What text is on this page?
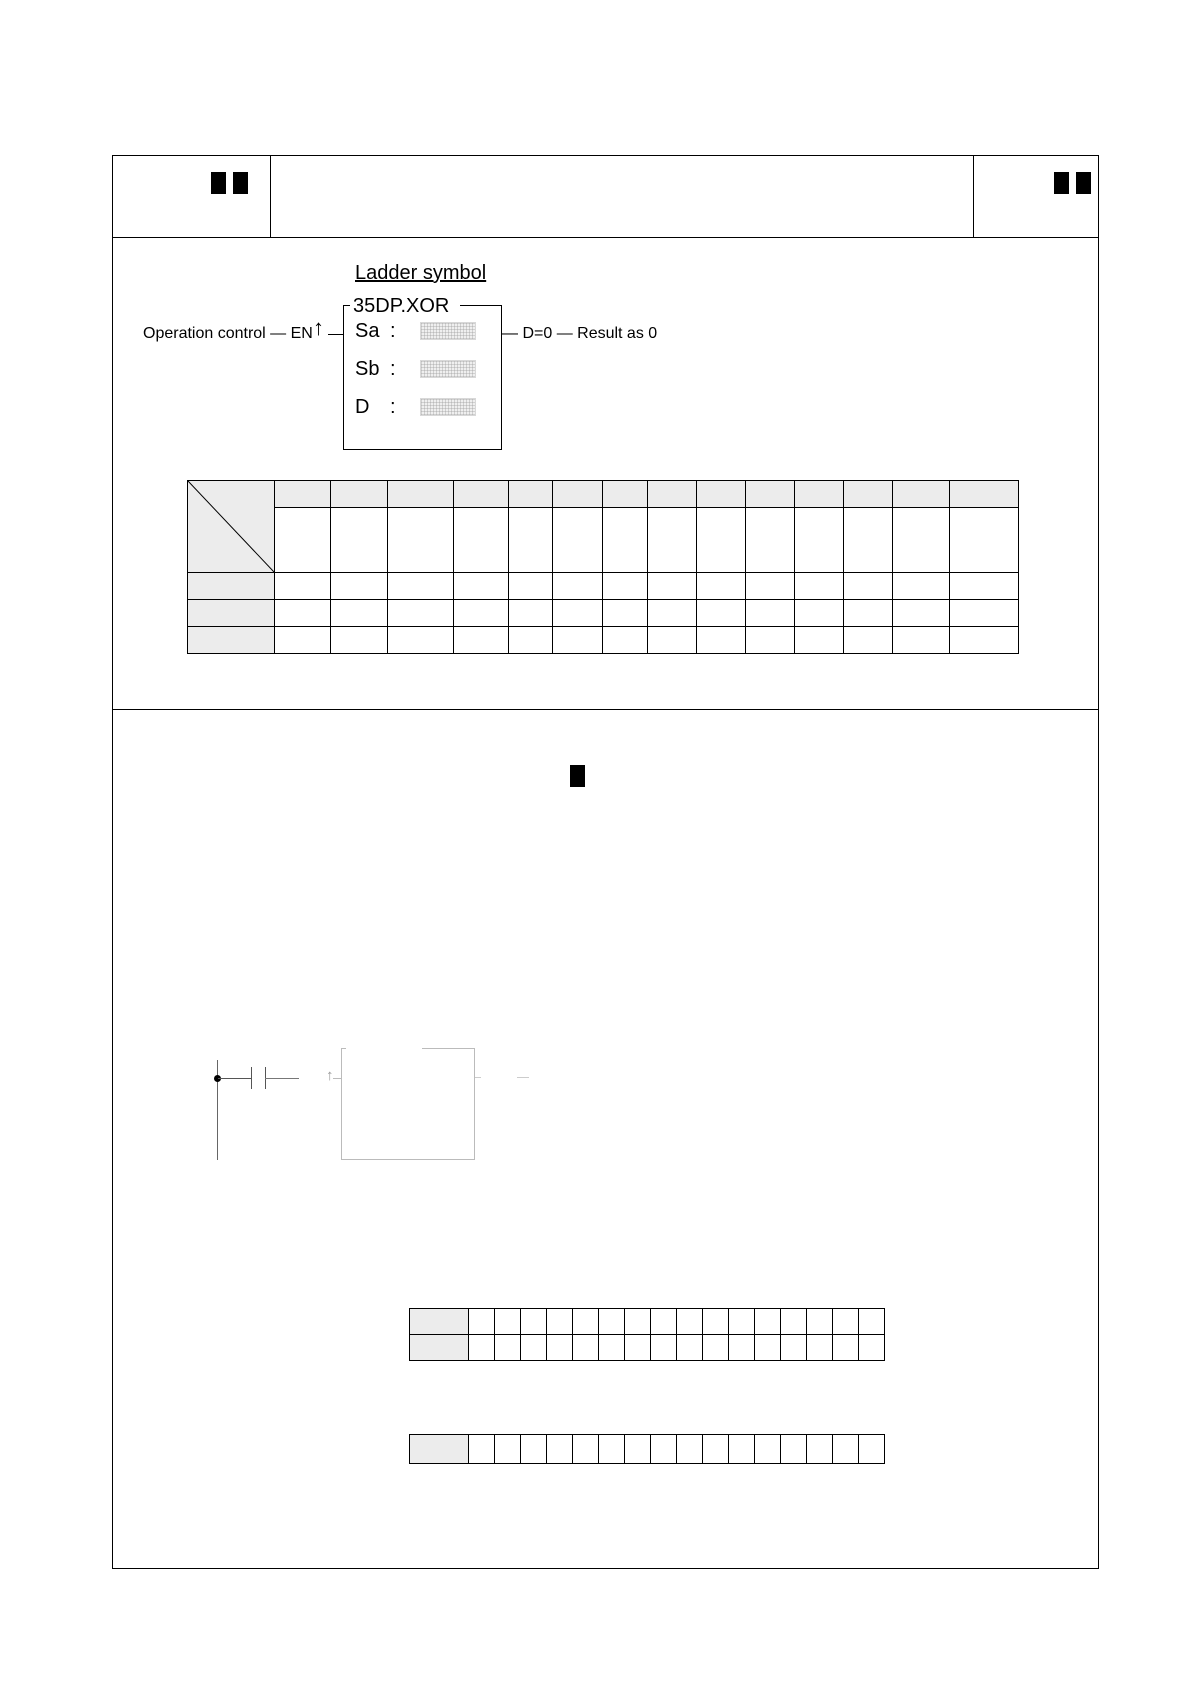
Ladder symbol
35DP.XOR
Sa :
Sb :
D :
Operation control — EN ↑	— D=0 — Result as 0

↑
